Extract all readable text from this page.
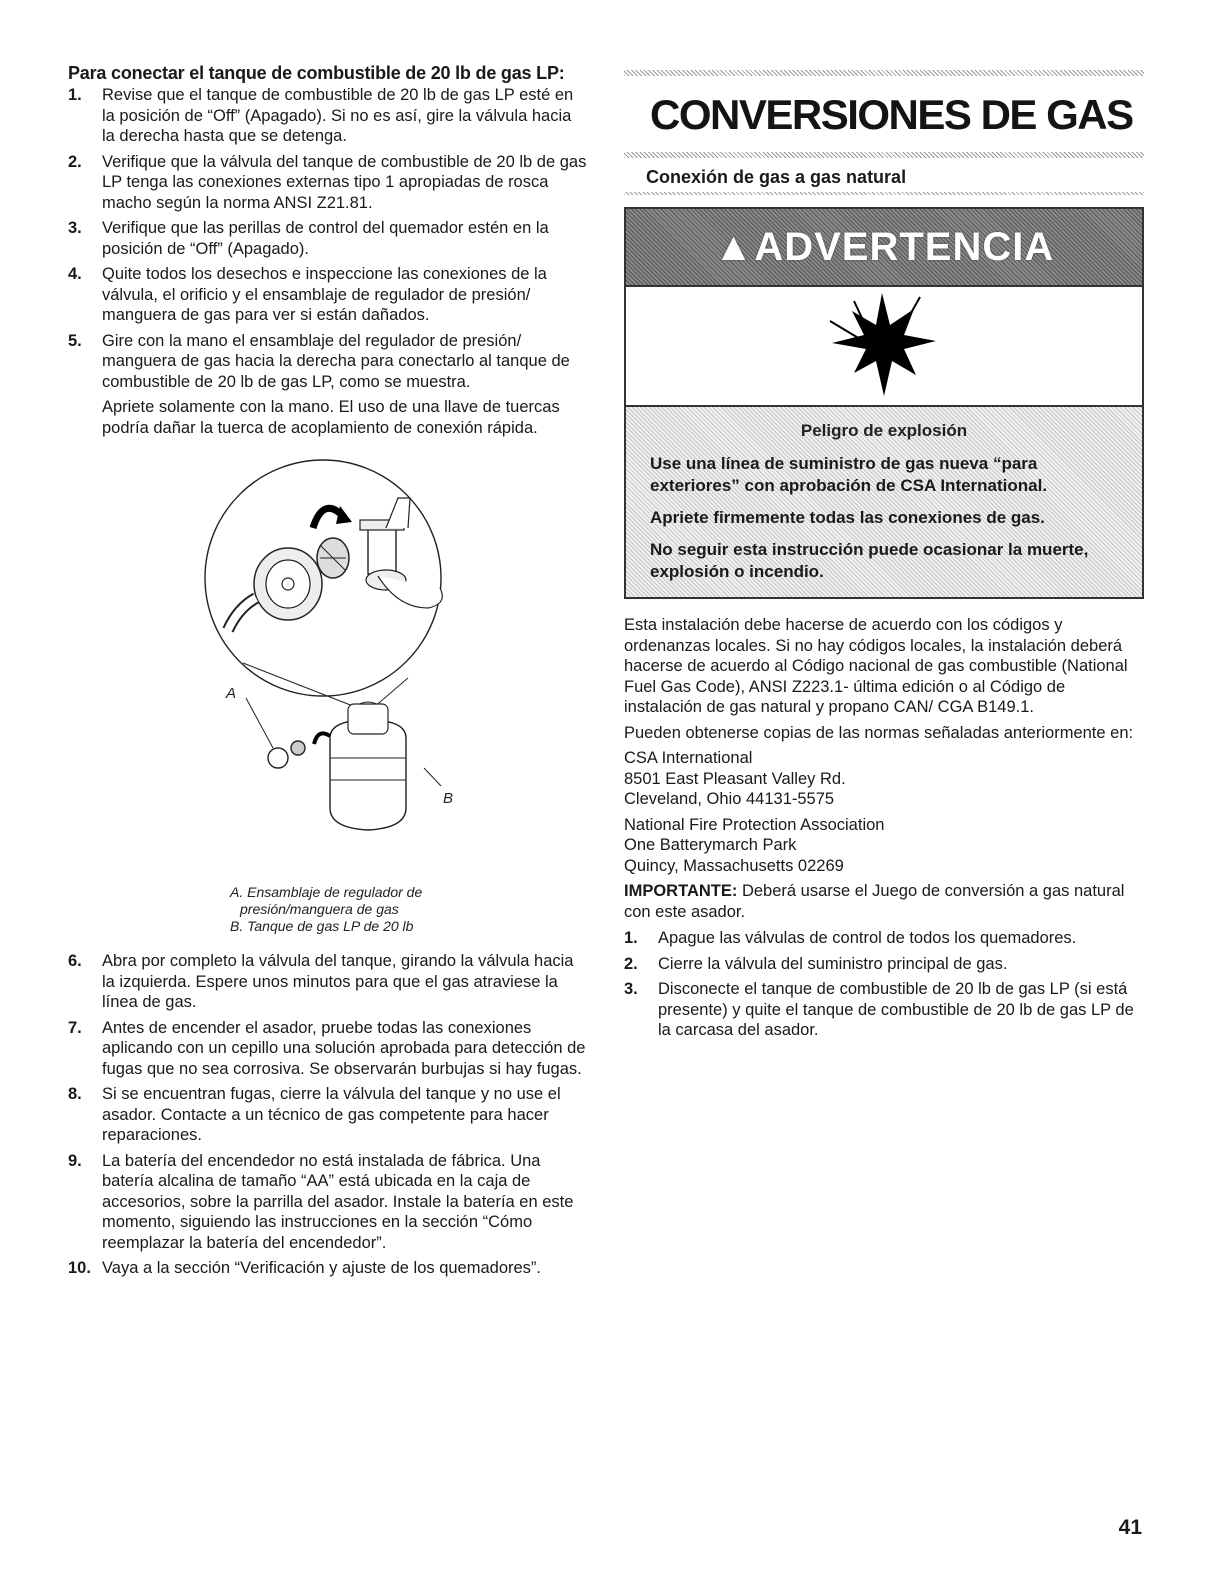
Para conectar el tanque de combustible de 20 lb de gas LP:
1.	Revise que el tanque de combustible de 20 lb de gas LP esté en la posición de “Off” (Apagado). Si no es así, gire la válvula hacia la derecha hasta que se detenga.
2.	Verifique que la válvula del tanque de combustible de 20 lb de gas LP tenga las conexiones externas tipo 1 apropiadas de rosca macho según la norma ANSI Z21.81.
3.	Verifique que las perillas de control del quemador estén en la posición de “Off” (Apagado).
4.	Quite todos los desechos e inspeccione las conexiones de la válvula, el orificio y el ensamblaje de regulador de presión/ manguera de gas para ver si están dañados.
5.	Gire con la mano el ensamblaje del regulador de presión/ manguera de gas hacia la derecha para conectarlo al tanque de combustible de 20 lb de gas LP, como se muestra.
Apriete solamente con la mano. El uso de una llave de tuercas podría dañar la tuerca de acoplamiento de conexión rápida.
A
B
A. Ensamblaje de regulador de
presión/manguera de gas
B. Tanque de gas LP de 20 lb
6.	Abra por completo la válvula del tanque, girando la válvula hacia la izquierda. Espere unos minutos para que el gas atraviese la línea de gas.
7.	Antes de encender el asador, pruebe todas las conexiones aplicando con un cepillo una solución aprobada para detección de fugas que no sea corrosiva. Se observarán burbujas si hay fugas.
8.	Si se encuentran fugas, cierre la válvula del tanque y no use el asador. Contacte a un técnico de gas competente para hacer reparaciones.
9.	La batería del encendedor no está instalada de fábrica. Una batería alcalina de tamaño “AA” está ubicada en la caja de accesorios, sobre la parrilla del asador. Instale la batería en este momento, siguiendo las instrucciones en la sección “Cómo reemplazar la batería del encendedor”.
10. Vaya a la sección “Verificación y ajuste de los quemadores”.
CONVERSIONES DE GAS
Conexión de gas a gas natural
▲ADVERTENCIA
Peligro de explosión
Use una línea de suministro de gas nueva “para exteriores” con aprobación de CSA International.
Apriete firmemente todas las conexiones de gas.
No seguir esta instrucción puede ocasionar la muerte, explosión o incendio.
Esta instalación debe hacerse de acuerdo con los códigos y ordenanzas locales. Si no hay códigos locales, la instalación deberá hacerse de acuerdo al Código nacional de gas combustible (National Fuel Gas Code), ANSI Z223.1- última edición o al Código de instalación de gas natural y propano CAN/ CGA B149.1.
Pueden obtenerse copias de las normas señaladas anteriormente en:
CSA International
8501 East Pleasant Valley Rd.
Cleveland, Ohio 44131-5575
National Fire Protection Association
One Batterymarch Park
Quincy, Massachusetts 02269
IMPORTANTE: Deberá usarse el Juego de conversión a gas natural con este asador.
1.	Apague las válvulas de control de todos los quemadores.
2.	Cierre la válvula del suministro principal de gas.
3.	Disconecte el tanque de combustible de 20 lb de gas LP (si está presente) y quite el tanque de combustible de 20 lb de gas LP de la carcasa del asador.
41
